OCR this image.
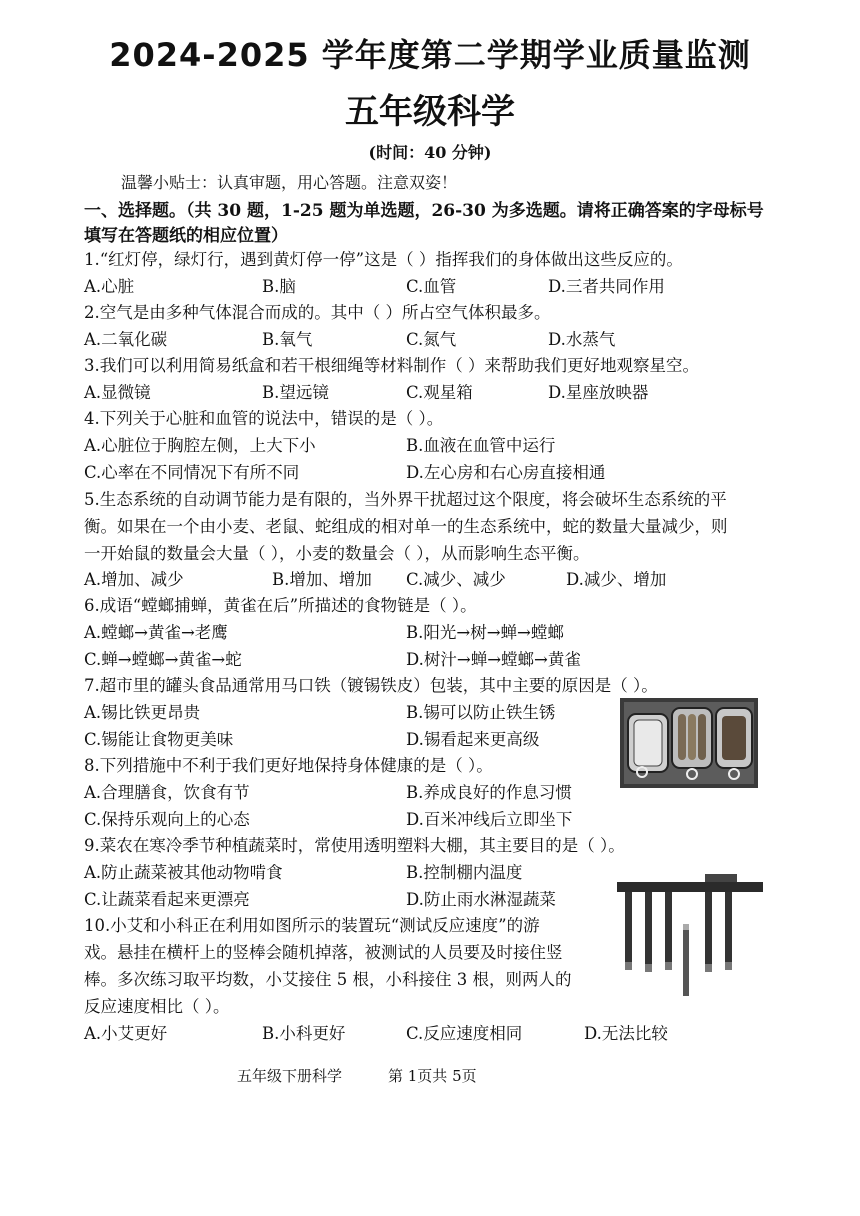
2024-2025 学年度第二学期学业质量监测
五年级科学
(时间：40 分钟)
温馨小贴士：认真审题，用心答题。注意双姿！
一、选择题。（共 30 题，1-25 题为单选题，26-30 为多选题。请将正确答案的字母标号
填写在答题纸的相应位置）
1.“红灯停，绿灯行，遇到黄灯停一停”这是（ ）指挥我们的身体做出这些反应的。
A.心脏	B.脑	C.血管	D.三者共同作用
2.空气是由多种气体混合而成的。其中（ ）所占空气体积最多。
A.二氧化碳	B.氧气	C.氮气	D.水蒸气
3.我们可以利用简易纸盒和若干根细绳等材料制作（ ）来帮助我们更好地观察星空。
A.显微镜	B.望远镜	C.观星箱	D.星座放映器
4.下列关于心脏和血管的说法中，错误的是（ ）。
A.心脏位于胸腔左侧，上大下小	B.血液在血管中运行
C.心率在不同情况下有所不同	D.左心房和右心房直接相通
5.生态系统的自动调节能力是有限的，当外界干扰超过这个限度，将会破坏生态系统的平
衡。如果在一个由小麦、老鼠、蛇组成的相对单一的生态系统中，蛇的数量大量减少，则
一开始鼠的数量会大量（ ），小麦的数量会（ ），从而影响生态平衡。
A.增加、减少	B.增加、增加 C.减少、减少	D.减少、增加
6.成语“螳螂捕蝉，黄雀在后”所描述的食物链是（ ）。
A.螳螂→黄雀→老鹰	B.阳光→树→蝉→螳螂
C.蝉→螳螂→黄雀→蛇	D.树汁→蝉→螳螂→黄雀
7.超市里的罐头食品通常用马口铁（镀锡铁皮）包装，其中主要的原因是（ ）。
A.锡比铁更昂贵	B.锡可以防止铁生锈
C.锡能让食物更美味	D.锡看起来更高级
8.下列措施中不利于我们更好地保持身体健康的是（ ）。
A.合理膳食，饮食有节	B.养成良好的作息习惯
C.保持乐观向上的心态	D.百米冲线后立即坐下
9.菜农在寒冷季节种植蔬菜时，常使用透明塑料大棚，其主要目的是（ ）。
A.防止蔬菜被其他动物啃食	B.控制棚内温度
C.让蔬菜看起来更漂亮	D.防止雨水淋湿蔬菜
10.小艾和小科正在利用如图所示的装置玩“测试反应速度”的游
戏。悬挂在横杆上的竖棒会随机掉落，被测试的人员要及时接住竖
棒。多次练习取平均数，小艾接住 5 根，小科接住 3 根，则两人的
反应速度相比（ ）。
A.小艾更好	B.小科更好	C.反应速度相同	D.无法比较
五年级下册科学	第 1页共 5页
